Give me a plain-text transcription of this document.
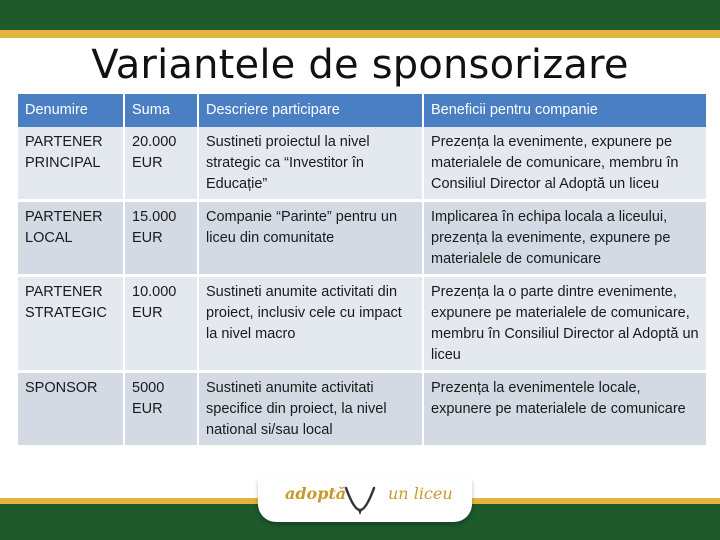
Variantele de sponsorizare
Denumire	Suma	Descriere participare	Beneficii pentru companie
PARTENER PRINCIPAL	20.000 EUR	Sustineti proiectul la nivel strategic ca “Investitor în Educație”	Prezența la evenimente, expunere pe materialele de comunicare, membru în Consiliul Director al Adoptă un liceu
PARTENER LOCAL	15.000 EUR	Companie “Parinte” pentru un liceu din comunitate	Implicarea în echipa locala a liceului, prezența la evenimente, expunere pe materialele de comunicare
PARTENER STRATEGIC	10.000 EUR	Sustineti anumite activitati din proiect, inclusiv cele cu impact la nivel macro	Prezența la o parte dintre evenimente, expunere pe materialele de comunicare, membru în Consiliul Director al Adoptă un liceu
SPONSOR	5000 EUR	Sustineti anumite activitati specifice din proiect, la nivel national si/sau local	Prezența la evenimentele locale, expunere pe materialele de comunicare
adoptă	un liceu
